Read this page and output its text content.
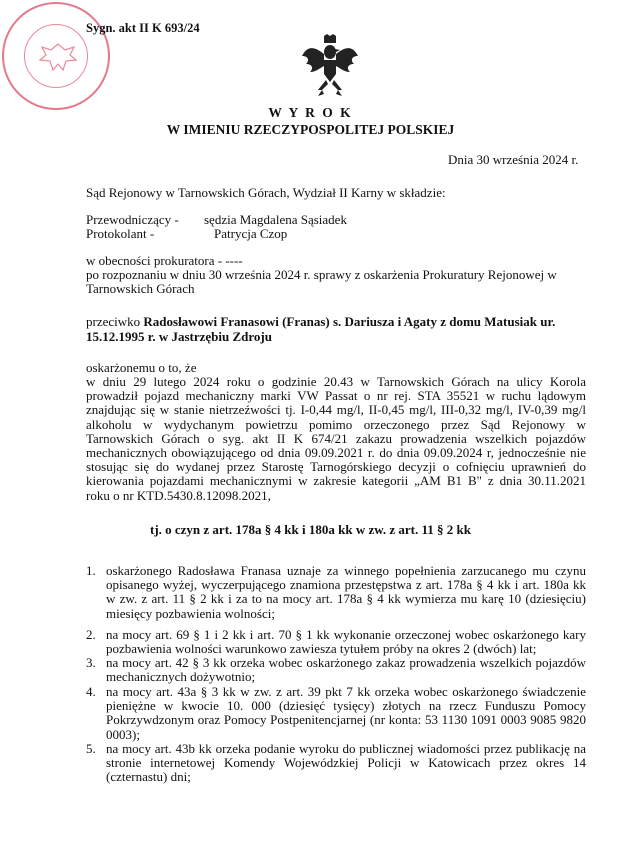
Sygn. akt II K 693/24
W Y R O K
W IMIENIU RZECZYPOSPOLITEJ POLSKIEJ
Dnia 30 września 2024 r.
Sąd Rejonowy w Tarnowskich Górach, Wydział II Karny w składzie:
Przewodniczący - sędzia Magdalena Sąsiadek
Protokolant -	Patrycja Czop
w obecności prokuratora - ----
po rozpoznaniu w dniu 30 września 2024 r. sprawy z oskarżenia Prokuratury Rejonowej w
Tarnowskich Górach
przeciwko Radosławowi Franasowi (Franas) s. Dariusza i Agaty z domu Matusiak ur.
15.12.1995 r. w Jastrzębiu Zdroju
oskarżonemu o to, że
w dniu 29 lutego 2024 roku o godzinie 20.43 w Tarnowskich Górach na ulicy Korola
prowadził pojazd mechaniczny marki VW Passat o nr rej. STA 35521 w ruchu lądowym
znajdując się w stanie nietrzeźwości tj. I-0,44 mg/l, II-0,45 mg/l, III-0,32 mg/l, IV-0,39 mg/l
alkoholu w wydychanym powietrzu pomimo orzeczonego przez Sąd Rejonowy w
Tarnowskich Górach o syg. akt II K 674/21 zakazu prowadzenia wszelkich pojazdów
mechanicznych obowiązującego od dnia 09.09.2021 r. do dnia 09.09.2024 r, jednocześnie nie
stosując się do wydanej przez Starostę Tarnogórskiego decyzji o cofnięciu uprawnień do
kierowania pojazdami mechanicznymi w zakresie kategorii „AM B1 B" z dnia 30.11.2021
roku o nr KTD.5430.8.12098.2021,
tj. o czyn z art. 178a § 4 kk i 180a kk w zw. z art. 11 § 2 kk
1. oskarżonego Radosława Franasa uznaje za winnego popełnienia zarzucanego mu czynu
opisanego wyżej, wyczerpującego znamiona przestępstwa z art. 178a § 4 kk i art. 180a kk
w zw. z art. 11 § 2 kk i za to na mocy art. 178a § 4 kk wymierza mu karę 10 (dziesięciu)
miesięcy pozbawienia wolności;
2. na mocy art. 69 § 1 i 2 kk i art. 70 § 1 kk wykonanie orzeczonej wobec oskarżonego kary
pozbawienia wolności warunkowo zawiesza tytułem próby na okres 2 (dwóch) lat;
3. na mocy art. 42 § 3 kk orzeka wobec oskarżonego zakaz prowadzenia wszelkich pojazdów
mechanicznych dożywotnio;
4. na mocy art. 43a § 3 kk w zw. z art. 39 pkt 7 kk orzeka wobec oskarżonego świadczenie
pieniężne w kwocie 10. 000 (dziesięć tysięcy) złotych na rzecz Funduszu Pomocy
Pokrzywdzonym oraz Pomocy Postpenitencjarnej (nr konta: 53 1130 1091 0003 9085 9820
0003);
5. na mocy art. 43b kk orzeka podanie wyroku do publicznej wiadomości przez publikację na
stronie internetowej Komendy Wojewódzkiej Policji w Katowicach przez okres 14
(czternastu) dni;
